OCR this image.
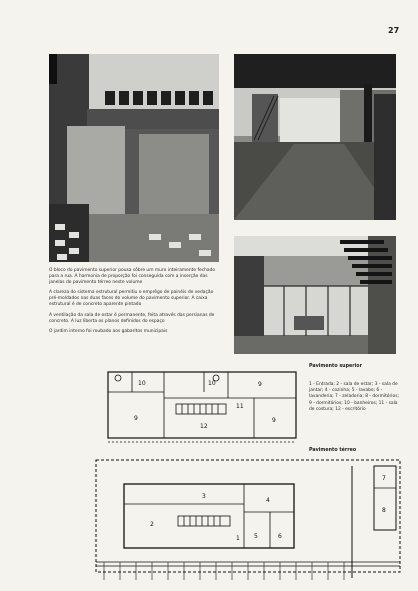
27

O bloco do pavimento superior pousa sôbre um muro inteiramente fechado para a rua. A harmonia de proporção foi conseguida com a inserção das janelas do pavimento térreo neste volume

A clareza do sistema estrutural permitiu o emprêgo de painéis de vedação pré-moldados nas duas faces do volume do pavimento superior. A caixa estrutural é de concreto aparente pintado

A ventilação da sala de estar é permanente, feita através das persianas de concreto. A luz liberta os planos definidos do espaço

O jardim interno foi roubado aos gabaritos municipais

Pavimento superior
1 - Entrada; 2 - sala de estar; 3 - sala de jantar; 4 - cozinha; 5 - lavabo; 6 - lavanderia; 7 - zeladoria; 8 - dormitórios; 9 - dormitórios; 10 - banheiros; 11 - sala de costura; 12 - escritório
Pavimento térreo
10	10
9
9
9
12
11
3
2
4
5
1	6
7
8
